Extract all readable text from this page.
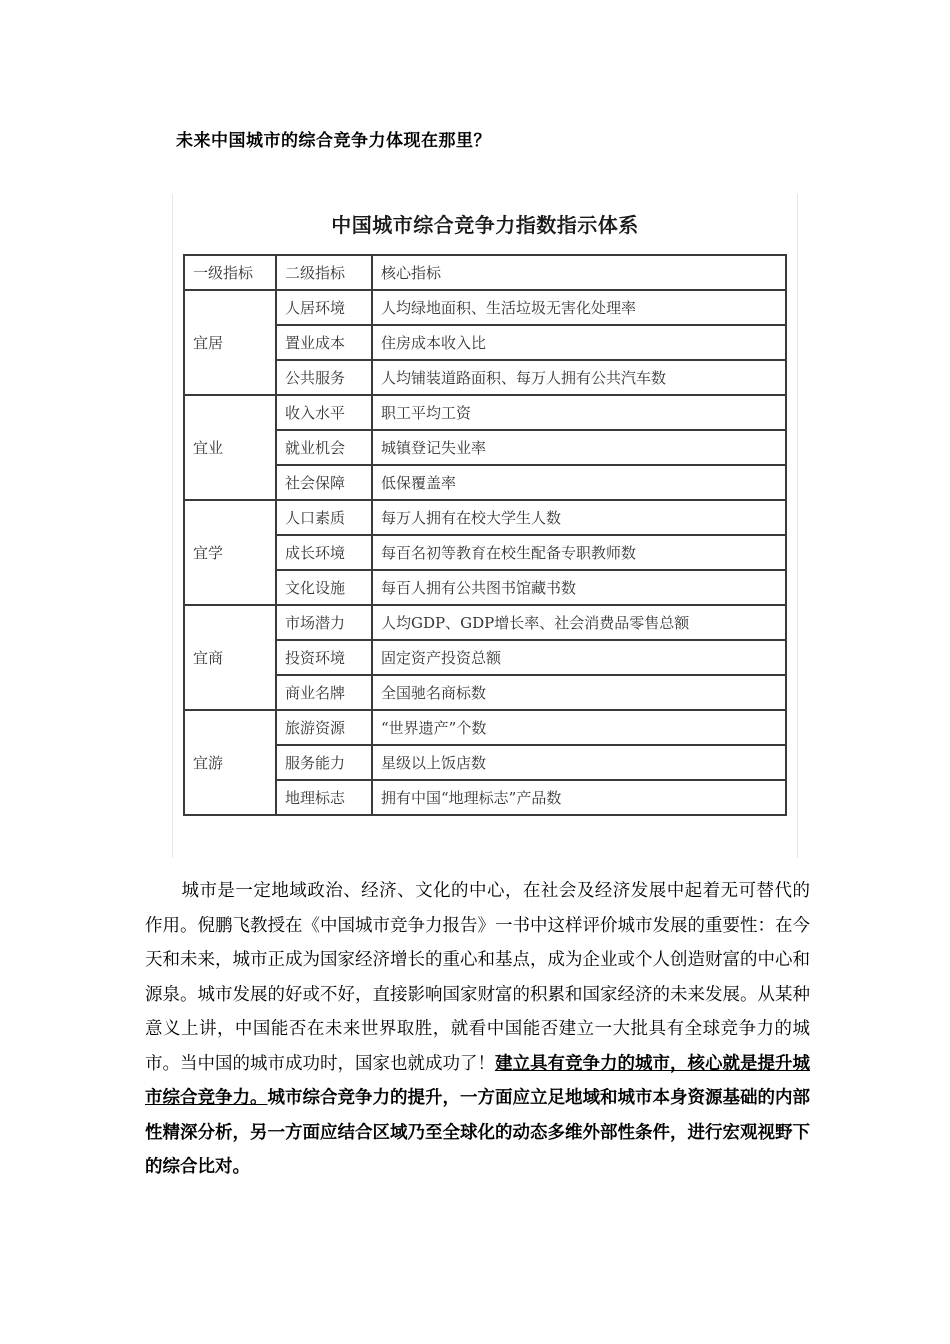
未来中国城市的综合竞争力体现在那里？
中国城市综合竞争力指数指示体系
一级指标	二级指标	核心指标
宜居	人居环境	人均绿地面积、生活垃圾无害化处理率
	置业成本	住房成本收入比
	公共服务	人均铺装道路面积、每万人拥有公共汽车数
宜业	收入水平	职工平均工资
	就业机会	城镇登记失业率
	社会保障	低保覆盖率
宜学	人口素质	每万人拥有在校大学生人数
	成长环境	每百名初等教育在校生配备专职教师数
	文化设施	每百人拥有公共图书馆藏书数
宜商	市场潜力	人均GDP、GDP增长率、社会消费品零售总额
	投资环境	固定资产投资总额
	商业名牌	全国驰名商标数
宜游	旅游资源	“世界遗产”个数
	服务能力	星级以上饭店数
	地理标志	拥有中国“地理标志”产品数
城市是一定地域政治、经济、文化的中心，在社会及经济发展中起着无可替代的作用。倪鹏飞教授在《中国城市竞争力报告》一书中这样评价城市发展的重要性：在今天和未来，城市正成为国家经济增长的重心和基点，成为企业或个人创造财富的中心和源泉。城市发展的好或不好，直接影响国家财富的积累和国家经济的未来发展。从某种意义上讲，中国能否在未来世界取胜，就看中国能否建立一大批具有全球竞争力的城市。当中国的城市成功时，国家也就成功了！建立具有竞争力的城市，核心就是提升城市综合竞争力。城市综合竞争力的提升，一方面应立足地域和城市本身资源基础的内部性精深分析，另一方面应结合区域乃至全球化的动态多维外部性条件，进行宏观视野下的综合比对。
